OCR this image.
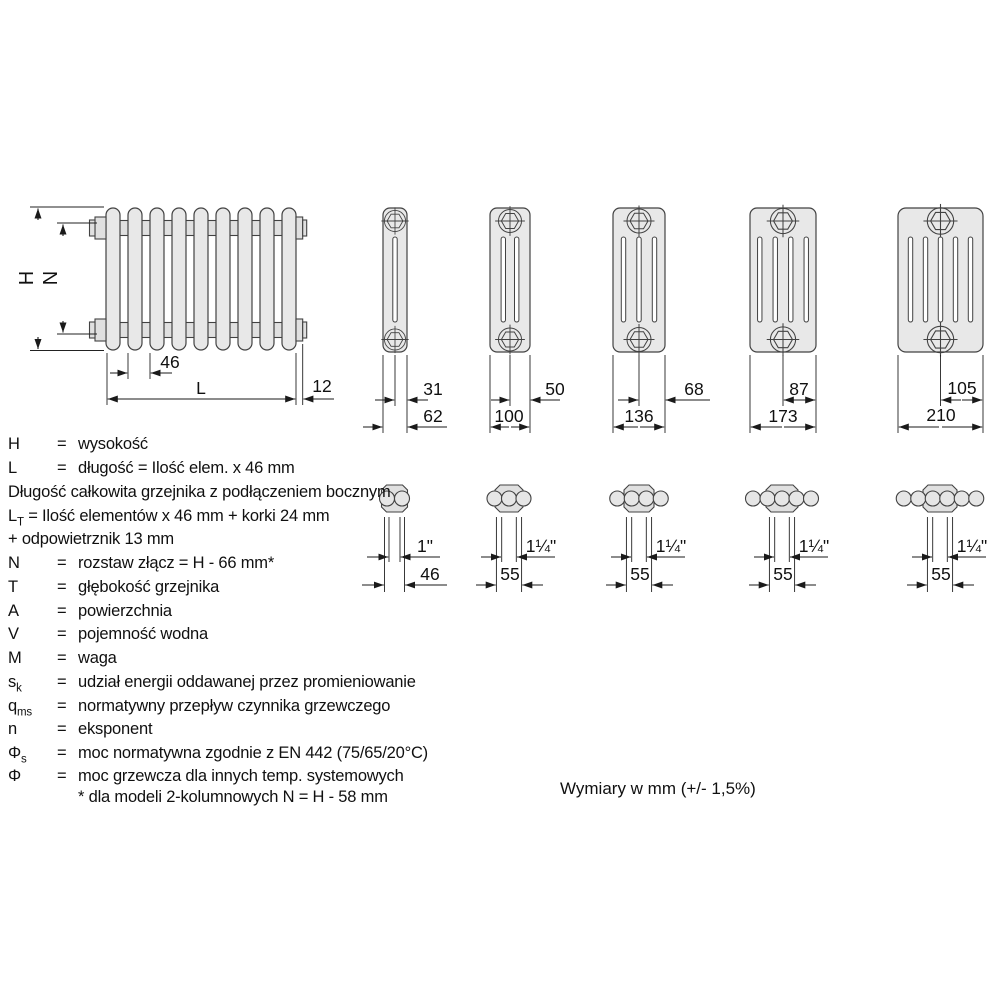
H N
46
L	12	31
62
50
100
68
136
87
173
105
210
1"
46
1¼"
55
1¼"
55
1¼"
55
1¼"
55
H	= wysokość
L	= długość = Ilość elem. x 46 mm
Długość całkowita grzejnika z podłączeniem bocznym
$L_T$ = Ilość elementów x 46 mm + korki 24 mm
+ odpowietrznik 13 mm
N	= rozstaw złącz = H - 66 mm*
T	= głębokość grzejnika
A	= powierzchnia
V	= pojemność wodna
M	= waga
$s_k$	= udział energii oddawanej przez promieniowanie
$q_{ms}$	= normatywny przepływ czynnika grzewczego
n	= eksponent
$\Phi_s$	= moc normatywna zgodnie z EN 442 (75/65/20°C)
Φ	= moc grzewcza dla innych temp. systemowych
* dla modeli 2-kolumnowych N = H - 58 mm	Wymiary w mm (+/- 1,5%)
